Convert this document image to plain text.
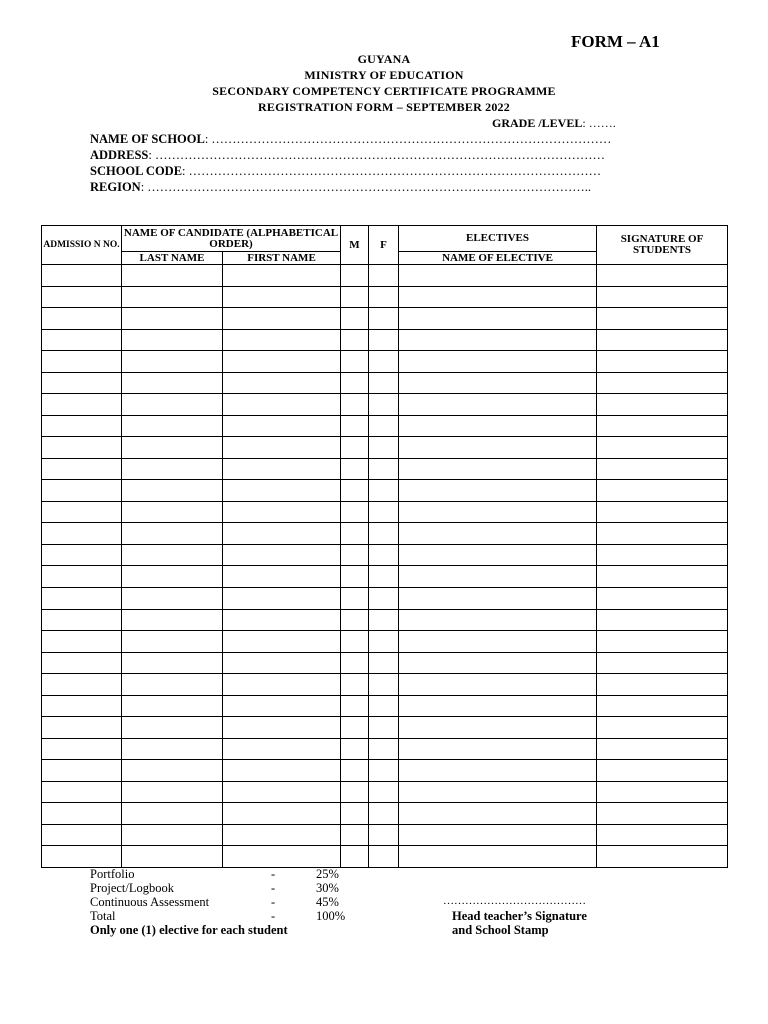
FORM – A1
GUYANA
MINISTRY OF EDUCATION
SECONDARY COMPETENCY CERTIFICATE PROGRAMME
REGISTRATION FORM – SEPTEMBER 2022
GRADE /LEVEL: …….
NAME OF SCHOOL: ……………………………………………………………………………………
ADDRESS: ………………………………………………………………………………………………
SCHOOL CODE: ………………………………………………………………………………………
REGION: ……………………………………………………………………………………………..
ADMISSIO N NO.	NAME OF CANDIDATE (ALPHABETICAL ORDER)		M	F	ELECTIVES	SIGNATURE OF STUDENTS
	LAST NAME	FIRST NAME			NAME OF ELECTIVE	

Portfolio	-	25%
Project/Logbook	-	30%
Continuous Assessment	-	45%
Total	-	100%
Only one (1) elective for each student
…………………………………
Head teacher’s Signature
and School Stamp
